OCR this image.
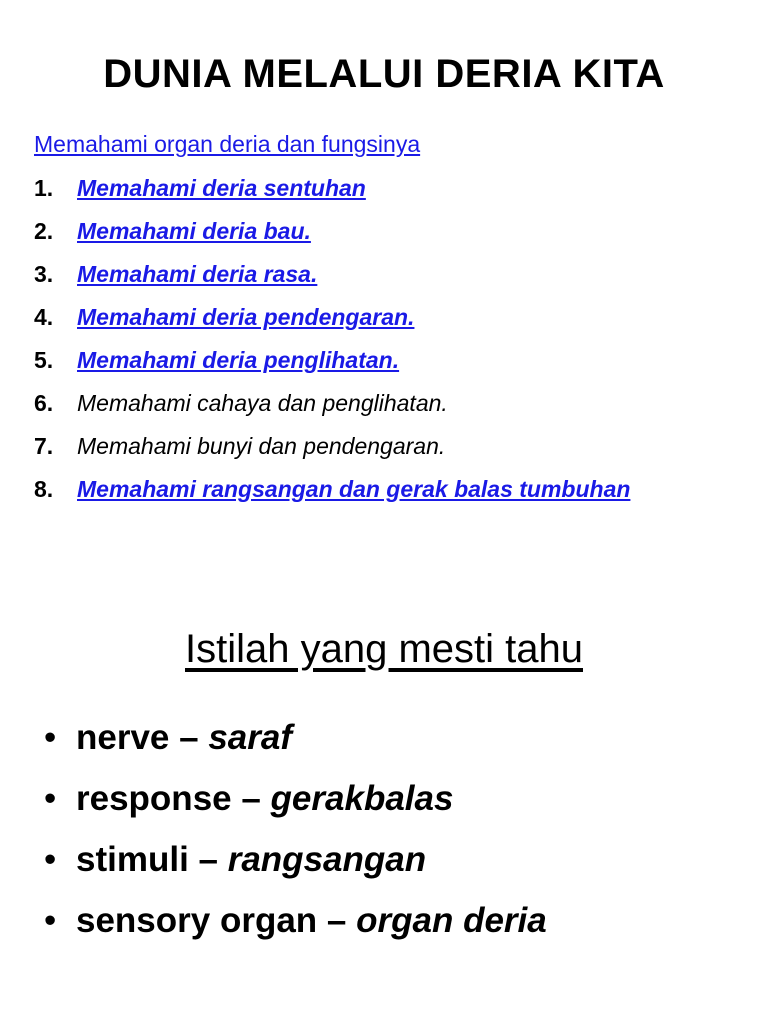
DUNIA MELALUI DERIA KITA
Memahami organ deria dan fungsinya
1. Memahami deria sentuhan
2. Memahami deria bau.
3. Memahami deria rasa.
4. Memahami deria pendengaran.
5. Memahami deria penglihatan.
6. Memahami cahaya dan penglihatan.
7. Memahami bunyi dan pendengaran.
8. Memahami rangsangan dan gerak balas tumbuhan
Istilah yang mesti tahu
• nerve – saraf
• response – gerakbalas
• stimuli – rangsangan
• sensory organ – organ deria
